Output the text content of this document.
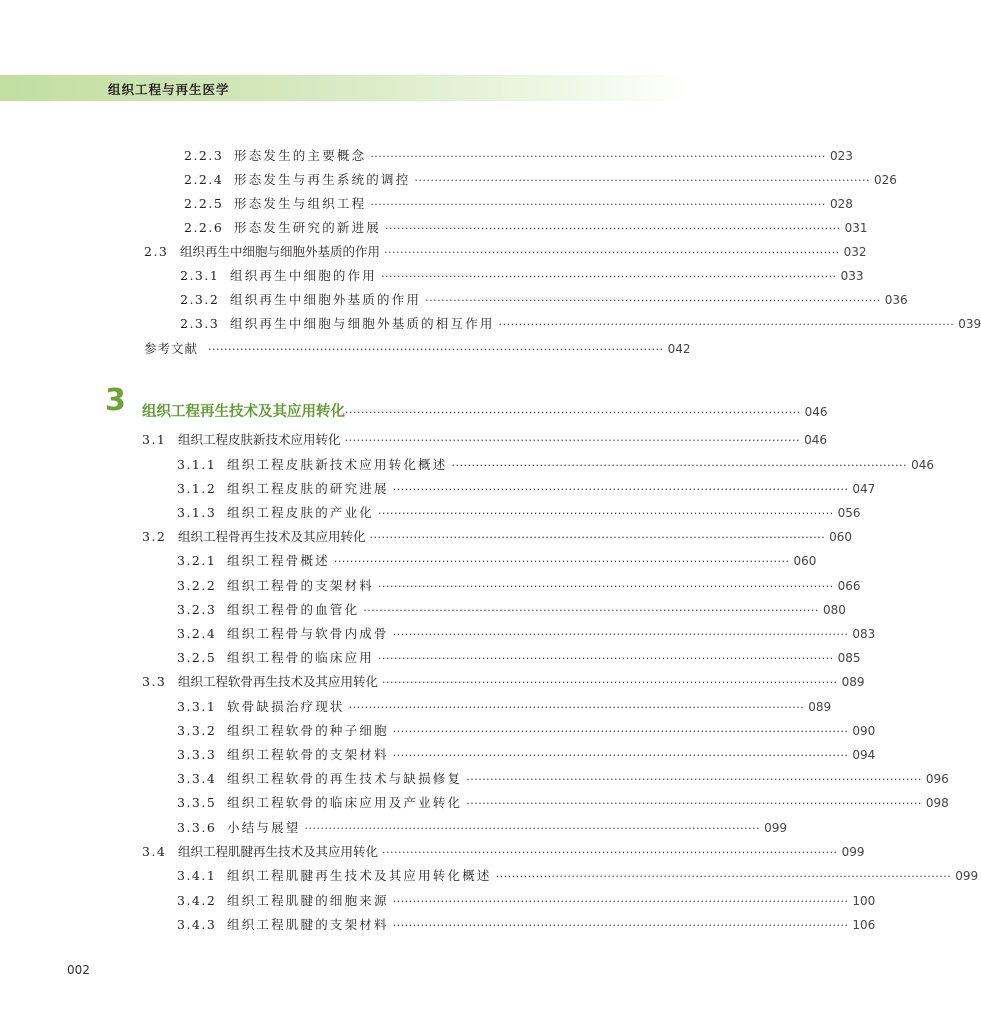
组织工程与再生医学
2.2.3 形态发生的主要概念 ·················································································································· 023
2.2.4 形态发生与再生系统的调控 ·················································································································· 026
2.2.5 形态发生与组织工程 ·················································································································· 028
2.2.6 形态发生研究的新进展 ·················································································································· 031
2.3 组织再生中细胞与细胞外基质的作用 ·················································································································· 032
2.3.1 组织再生中细胞的作用 ·················································································································· 033
2.3.2 组织再生中细胞外基质的作用 ·················································································································· 036
2.3.3 组织再生中细胞与细胞外基质的相互作用 ·················································································································· 039
参考文献 ·················································································································· 042
3 组织工程再生技术及其应用转化 ·················································································································· 046
3.1 组织工程皮肤新技术应用转化 ·················································································································· 046
3.1.1 组织工程皮肤新技术应用转化概述 ·················································································································· 046
3.1.2 组织工程皮肤的研究进展 ·················································································································· 047
3.1.3 组织工程皮肤的产业化 ·················································································································· 056
3.2 组织工程骨再生技术及其应用转化 ·················································································································· 060
3.2.1 组织工程骨概述 ·················································································································· 060
3.2.2 组织工程骨的支架材料 ·················································································································· 066
3.2.3 组织工程骨的血管化 ·················································································································· 080
3.2.4 组织工程骨与软骨内成骨 ·················································································································· 083
3.2.5 组织工程骨的临床应用 ·················································································································· 085
3.3 组织工程软骨再生技术及其应用转化 ·················································································································· 089
3.3.1 软骨缺损治疗现状 ·················································································································· 089
3.3.2 组织工程软骨的种子细胞 ·················································································································· 090
3.3.3 组织工程软骨的支架材料 ·················································································································· 094
3.3.4 组织工程软骨的再生技术与缺损修复 ·················································································································· 096
3.3.5 组织工程软骨的临床应用及产业转化 ·················································································································· 098
3.3.6 小结与展望 ·················································································································· 099
3.4 组织工程肌腱再生技术及其应用转化 ·················································································································· 099
3.4.1 组织工程肌腱再生技术及其应用转化概述 ·················································································································· 099
3.4.2 组织工程肌腱的细胞来源 ·················································································································· 100
3.4.3 组织工程肌腱的支架材料 ·················································································································· 106
002
